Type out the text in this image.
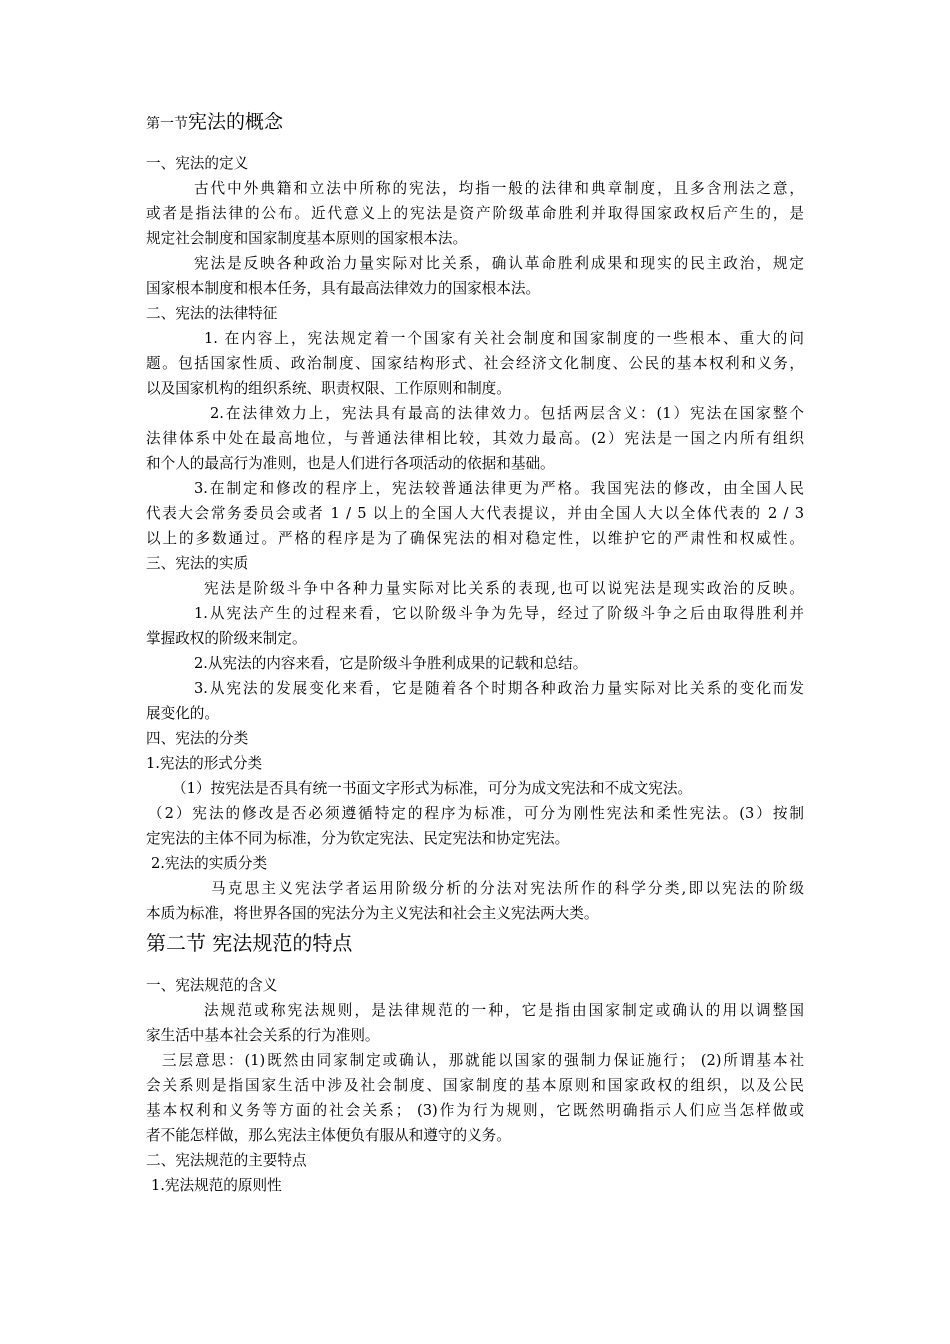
第一节宪法的概念
一、宪法的定义
古代中外典籍和立法中所称的宪法，均指一般的法律和典章制度，且多含刑法之意，
或者是指法律的公布。近代意义上的宪法是资产阶级革命胜利并取得国家政权后产生的，是
规定社会制度和国家制度基本原则的国家根本法。
宪法是反映各种政治力量实际对比关系，确认革命胜利成果和现实的民主政治，规定
国家根本制度和根本任务，具有最高法律效力的国家根本法。
二、宪法的法律特征
1. 在内容上，宪法规定着一个国家有关社会制度和国家制度的一些根本、重大的问
题。包括国家性质、政治制度、国家结构形式、社会经济文化制度、公民的基本权利和义务，
以及国家机构的组织系统、职责权限、工作原则和制度。
2.在法律效力上，宪法具有最高的法律效力。包括两层含义：(1）宪法在国家整个
法律体系中处在最高地位，与普通法律相比较，其效力最高。(2）宪法是一国之内所有组织
和个人的最高行为准则，也是人们进行各项活动的依据和基础。
3.在制定和修改的程序上，宪法较普通法律更为严格。我国宪法的修改，由全国人民
代表大会常务委员会或者 1 / 5 以上的全国人大代表提议，并由全国人大以全体代表的 2 / 3
以上的多数通过。严格的程序是为了确保宪法的相对稳定性，以维护它的严肃性和权威性。
三、宪法的实质
宪法是阶级斗争中各种力量实际对比关系的表现,也可以说宪法是现实政治的反映。
1.从宪法产生的过程来看，它以阶级斗争为先导，经过了阶级斗争之后由取得胜利并
掌握政权的阶级来制定。
2.从宪法的内容来看，它是阶级斗争胜利成果的记载和总结。
3.从宪法的发展变化来看，它是随着各个时期各种政治力量实际对比关系的变化而发
展变化的。
四、宪法的分类
1.宪法的形式分类
（1）按宪法是否具有统一书面文字形式为标准，可分为成文宪法和不成文宪法。
（2）宪法的修改是否必须遵循特定的程序为标准，可分为刚性宪法和柔性宪法。(3）按制
定宪法的主体不同为标准，分为钦定宪法、民定宪法和协定宪法。
2.宪法的实质分类
马克思主义宪法学者运用阶级分析的分法对宪法所作的科学分类,即以宪法的阶级
本质为标准，将世界各国的宪法分为主义宪法和社会主义宪法两大类。
第二节 宪法规范的特点
一、宪法规范的含义
法规范或称宪法规则，是法律规范的一种，它是指由国家制定或确认的用以调整国
家生活中基本社会关系的行为准则。
三层意思：(1)既然由同家制定或确认，那就能以国家的强制力保证施行； (2)所谓基本社
会关系则是指国家生活中涉及社会制度、国家制度的基本原则和国家政权的组织，以及公民
基本权利和义务等方面的社会关系； (3)作为行为规则，它既然明确指示人们应当怎样做或
者不能怎样做，那么宪法主体便负有服从和遵守的义务。
二、宪法规范的主要特点
1.宪法规范的原则性
